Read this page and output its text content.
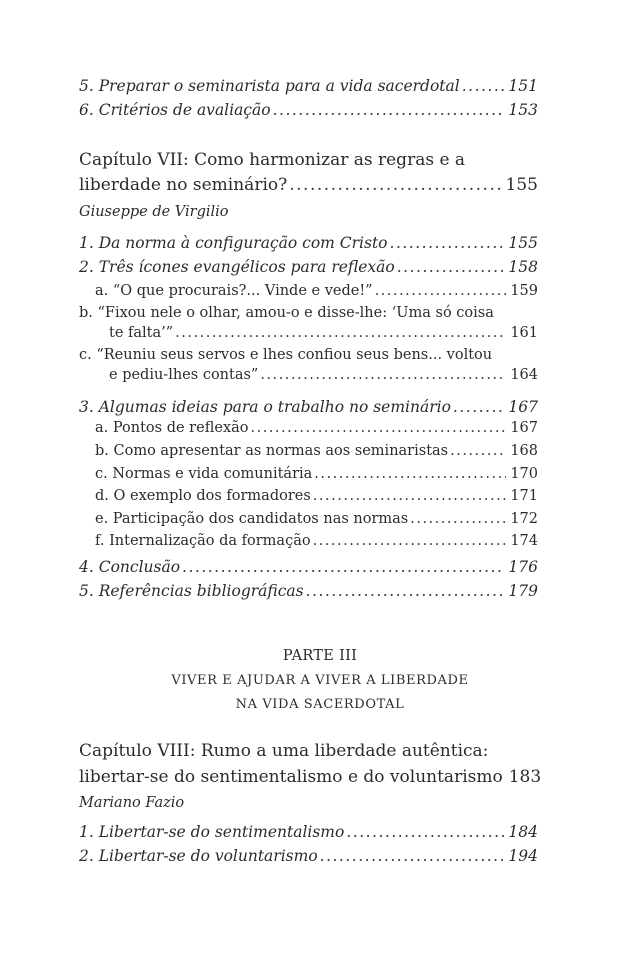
5. Preparar o seminarista para a vida sacerdotal .....	151
6. Critérios de avaliação .....	153
Capítulo VII: Como harmonizar as regras e a
liberdade no seminário? .....	155
Giuseppe de Virgilio
1. Da norma à configuração com Cristo .....	155
2. Três ícones evangélicos para reflexão .....	158
a. “O que procurais?... Vinde e vede!” .....	159
b. “Fixou nele o olhar, amou-o e disse-lhe: ‘Uma só coisa
te falta’” .....	161
c. “Reuniu seus servos e lhes confiou seus bens... voltou
e pediu-lhes contas” .....	164
3. Algumas ideias para o trabalho no seminário .....	167
a. Pontos de reflexão .....	167
b. Como apresentar as normas aos seminaristas .....	168
c. Normas e vida comunitária .....	170
d. O exemplo dos formadores .....	171
e. Participação dos candidatos nas normas .....	172
f. Internalização da formação .....	174
4. Conclusão .....	176
5. Referências bibliográficas .....	179
PARTE III
VIVER E AJUDAR A VIVER A LIBERDADE
NA VIDA SACERDOTAL
Capítulo VIII: Rumo a uma liberdade autêntica:
libertar-se do sentimentalismo e do voluntarismo 183
Mariano Fazio
1. Libertar-se do sentimentalismo .....	184
2. Libertar-se do voluntarismo .....	194
